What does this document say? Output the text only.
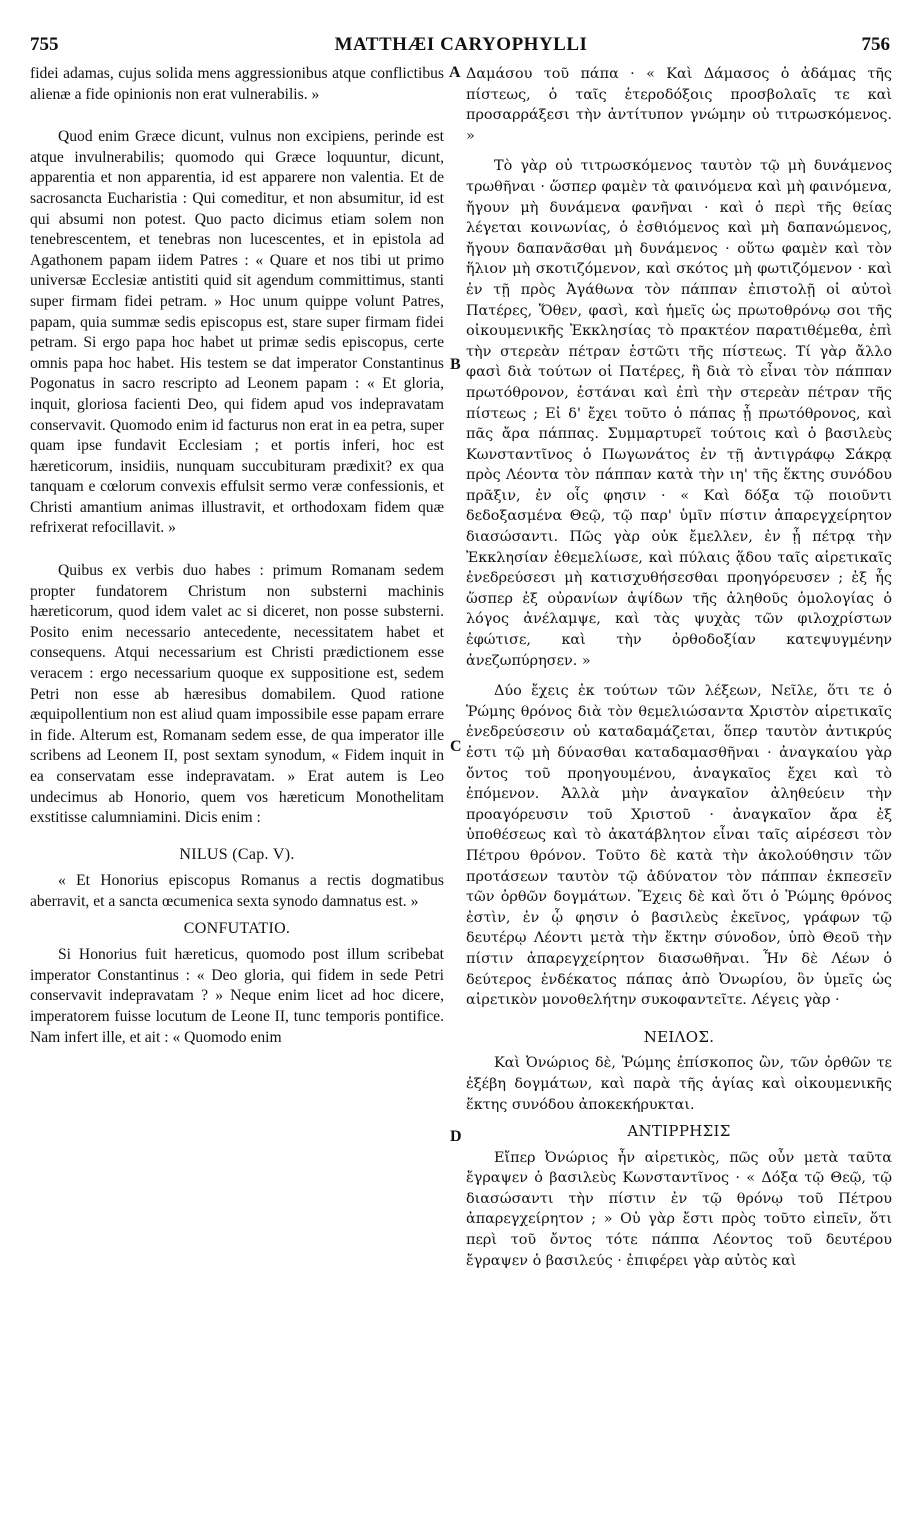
755	MATTHÆI CARYOPHYLLI	756
A
B
C
D

fidei adamas, cujus solida mens aggressionibus atque conflictibus alienæ a fide opinionis non erat vulnerabilis. »

Quod enim Græce dicunt, vulnus non excipiens, perinde est atque invulnerabilis; quomodo qui Græce loquuntur, dicunt, apparentia et non apparentia, id est apparere non valentia. Et de sacrosancta Eucharistia : Qui comeditur, et non absumitur, id est qui absumi non potest. Quo pacto dicimus etiam solem non tenebrescentem, et tenebras non lucescentes, et in epistola ad Agathonem papam iidem Patres : « Quare et nos tibi ut primo universæ Ecclesiæ antistiti quid sit agendum committimus, stanti super firmam fidei petram. » Hoc unum quippe volunt Patres, papam, quia summæ sedis episcopus est, stare super firmam fidei petram. Si ergo papa hoc habet ut primæ sedis episcopus, certe omnis papa hoc habet. His testem se dat imperator Constantinus Pogonatus in sacro rescripto ad Leonem papam : « Et gloria, inquit, gloriosa facienti Deo, qui fidem apud vos indepravatam conservavit. Quomodo enim id facturus non erat in ea petra, super quam ipse fundavit Ecclesiam ; et portis inferi, hoc est hæreticorum, insidiis, nunquam succubituram prædixit? ex qua tanquam e cœlorum convexis effulsit sermo veræ confessionis, et Christi amantium animas illustravit, et orthodoxam fidem quæ refrixerat refocillavit. »

Quibus ex verbis duo habes : primum Romanam sedem propter fundatorem Christum non substerni machinis hæreticorum, quod idem valet ac si diceret, non posse substerni. Posito enim necessario antecedente, necessitatem habet et consequens. Atqui necessarium est Christi prædictionem esse veracem : ergo necessarium quoque ex suppositione est, sedem Petri non esse ab hæresibus domabilem. Quod ratione æquipollentium non est aliud quam impossibile esse papam errare in fide. Alterum est, Romanam sedem esse, de qua imperator ille scribens ad Leonem II, post sextam synodum, « Fidem inquit in ea conservatam esse indepravatam. » Erat autem is Leo undecimus ab Honorio, quem vos hæreticum Monothelitam exstitisse calumniamini. Dicis enim :

NILUS (Cap. V).

« Et Honorius episcopus Romanus a rectis dogmatibus aberravit, et a sancta œcumenica sexta synodo damnatus est. »

CONFUTATIO.

Si Honorius fuit hæreticus, quomodo post illum scribebat imperator Constantinus : « Deo gloria, qui fidem in sede Petri conservavit indepravatam ? » Neque enim licet ad hoc dicere, imperatorem fuisse locutum de Leone II, tunc temporis pontifice. Nam infert ille, et ait : « Quomodo enim

Δαμάσου τοῦ πάπα · « Καὶ Δάμασος ὁ ἀδάμας τῆς πίστεως, ὁ ταῖς ἑτεροδόξοις προσβολαῖς τε καὶ προσαρράξεσι τὴν ἀντίτυπον γνώμην οὐ τιτρωσκόμενος. »

Τὸ γὰρ οὐ τιτρωσκόμενος ταυτὸν τῷ μὴ δυνάμενος τρωθῆναι · ὥσπερ φαμὲν τὰ φαινόμενα καὶ μὴ φαινόμενα, ἤγουν μὴ δυνάμενα φανῆναι · καὶ ὁ περὶ τῆς θείας λέγεται κοινωνίας, ὁ ἐσθιόμενος καὶ μὴ δαπανώμενος, ἤγουν δαπανᾶσθαι μὴ δυνάμενος · οὕτω φαμὲν καὶ τὸν ἥλιον μὴ σκοτιζόμενον, καὶ σκότος μὴ φωτιζόμενον · καὶ ἐν τῇ πρὸς Ἀγάθωνα τὸν πάππαν ἐπιστολῇ οἱ αὐτοὶ Πατέρες, Ὅθεν, φασὶ, καὶ ἡμεῖς ὡς πρωτοθρόνῳ σοι τῆς οἰκουμενικῆς Ἐκκλησίας τὸ πρακτέον παρατιθέμεθα, ἐπὶ τὴν στερεὰν πέτραν ἑστῶτι τῆς πίστεως. Τί γὰρ ἄλλο φασὶ διὰ τούτων οἱ Πατέρες, ἢ διὰ τὸ εἶναι τὸν πάππαν πρωτόθρονον, ἑστάναι καὶ ἐπὶ τὴν στερεὰν πέτραν τῆς πίστεως ; Εἰ δ' ἔχει τοῦτο ὁ πάπας ᾗ πρωτόθρονος, καὶ πᾶς ἄρα πάππας. Συμμαρτυρεῖ τούτοις καὶ ὁ βασιλεὺς Κωνσταντῖνος ὁ Πωγωνάτος ἐν τῇ ἀντιγράφῳ Σάκρᾳ πρὸς Λέοντα τὸν πάππαν κατὰ τὴν ιη' τῆς ἕκτης συνόδου πρᾶξιν, ἐν οἷς φησιν · « Καὶ δόξα τῷ ποιοῦντι δεδοξασμένα Θεῷ, τῷ παρ' ὑμῖν πίστιν ἀπαρεγχείρητον διασώσαντι. Πῶς γὰρ οὐκ ἔμελλεν, ἐν ᾗ πέτρᾳ τὴν Ἐκκλησίαν ἐθεμελίωσε, καὶ πύλαις ᾅδου ταῖς αἱρετικαῖς ἐνεδρεύσεσι μὴ κατισχυθήσεσθαι προηγόρευσεν ; ἐξ ἧς ὥσπερ ἐξ οὐρανίων ἀψίδων τῆς ἀληθοῦς ὁμολογίας ὁ λόγος ἀνέλαμψε, καὶ τὰς ψυχὰς τῶν φιλοχρίστων ἐφώτισε, καὶ τὴν ὀρθοδοξίαν κατεψυγμένην ἀνεζωπύρησεν. »

Δύο ἔχεις ἐκ τούτων τῶν λέξεων, Νεῖλε, ὅτι τε ὁ Ῥώμης θρόνος διὰ τὸν θεμελιώσαντα Χριστὸν αἱρετικαῖς ἐνεδρεύσεσιν οὐ καταδαμάζεται, ὅπερ ταυτὸν ἀντικρύς ἐστι τῷ μὴ δύνασθαι καταδαμασθῆναι · ἀναγκαίου γὰρ ὄντος τοῦ προηγουμένου, ἀναγκαῖος ἔχει καὶ τὸ ἑπόμενον. Ἀλλὰ μὴν ἀναγκαῖον ἀληθεύειν τὴν προαγόρευσιν τοῦ Χριστοῦ · ἀναγκαῖον ἄρα ἐξ ὑποθέσεως καὶ τὸ ἀκατάβλητον εἶναι ταῖς αἱρέσεσι τὸν Πέτρου θρόνον. Τοῦτο δὲ κατὰ τὴν ἀκολούθησιν τῶν προτάσεων ταυτὸν τῷ ἀδύνατον τὸν πάππαν ἐκπεσεῖν τῶν ὀρθῶν δογμάτων. Ἔχεις δὲ καὶ ὅτι ὁ Ῥώμης θρόνος ἐστὶν, ἐν ᾧ φησιν ὁ βασιλεὺς ἐκεῖνος, γράφων τῷ δευτέρῳ Λέοντι μετὰ τὴν ἕκτην σύνοδον, ὑπὸ Θεοῦ τὴν πίστιν ἀπαρεγχείρητον διασωθῆναι. Ἦν δὲ Λέων ὁ δεύτερος ἑνδέκατος πάπας ἀπὸ Ὀνωρίου, ὃν ὑμεῖς ὡς αἱρετικὸν μονοθελήτην συκοφαντεῖτε. Λέγεις γὰρ ·

ΝΕΙΛΟΣ.

Καὶ Ὀνώριος δὲ, Ῥώμης ἐπίσκοπος ὢν, τῶν ὀρθῶν τε ἐξέβη δογμάτων, καὶ παρὰ τῆς ἁγίας καὶ οἰκουμενικῆς ἕκτης συνόδου ἀποκεκήρυκται.

ΑΝΤΙΡΡΗΣΙΣ

Εἴπερ Ὀνώριος ἦν αἱρετικὸς, πῶς οὖν μετὰ ταῦτα ἔγραψεν ὁ βασιλεὺς Κωνσταντῖνος · « Δόξα τῷ Θεῷ, τῷ διασώσαντι τὴν πίστιν ἐν τῷ θρόνῳ τοῦ Πέτρου ἀπαρεγχείρητον ; » Οὐ γὰρ ἔστι πρὸς τοῦτο εἰπεῖν, ὅτι περὶ τοῦ ὄντος τότε πάππα Λέοντος τοῦ δευτέρου ἔγραψεν ὁ βασιλεύς · ἐπιφέρει γὰρ αὐτὸς καὶ
